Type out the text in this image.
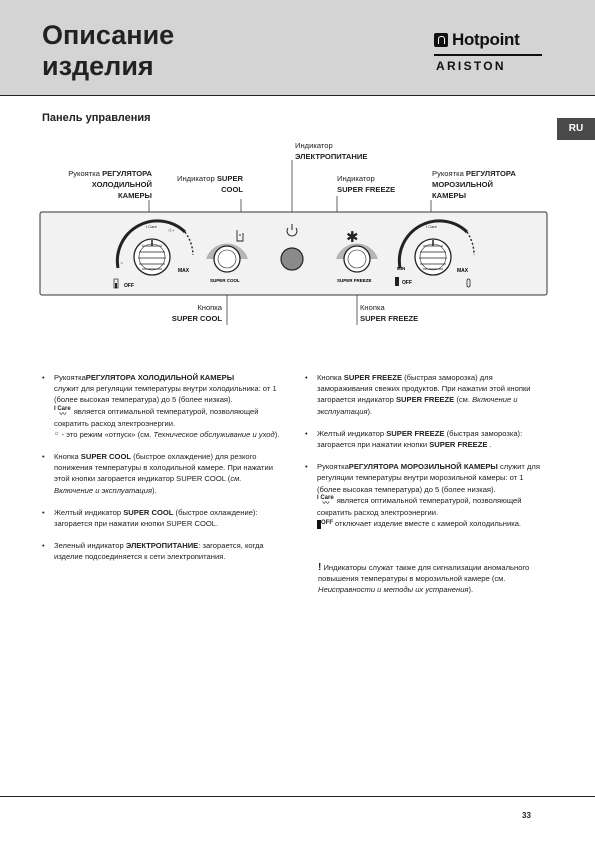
Описание
изделия
Hotpoint
ARISTON
RU
Панель управления
Рукоятка РЕГУЛЯТОРА
ХОЛОДИЛЬНОЙ
КАМЕРЫ
Индикатор SUPER
COOL
Индикатор
ЭЛЕКТРОПИТАНИЕ
Индикатор
SUPER FREEZE
Рукоятка РЕГУЛЯТОРА
МОРОЗИЛЬНОЙ
КАМЕРЫ
Кнопка
SUPER COOL
Кнопка
SUPER FREEZE
MAX
OFF
I Care
Ⓢ+
☼
SUPER COOL	SUPER FREEZE
✱
MAX
MIN
OFF
I Care
• РукояткаРЕГУЛЯТОРА ХОЛОДИЛЬНОЙ КАМЕРЫ
служит для регуляции температуры внутри холодильника: от 1 (более высокая температура) до 5 (более низкая).

I Care
〰	является оптимальной температурой, позволяющей сократить расход электроэнергии.

☼ - это режим «отпуск» (см. Техническое обслуживание и уход).

• Кнопка SUPER COOL (быстрое охлаждение) для резкого понижения температуры в холодильной камере. При нажатии этой кнопки загорается индикатор SUPER COOL (см. Включение и эксплуатация).

• Желтый индикатор SUPER COOL (быстрое охлаждение): загорается при нажатии кнопки SUPER COOL.

• Зеленый индикатор ЭЛЕКТРОПИТАНИЕ: загорается, когда изделие подсоединяется к сети электропитания.

• Кнопка SUPER FREEZE (быстрая заморозка) для замораживания свежих продуктов. При нажатии этой кнопки загорается индикатор SUPER FREEZE (см. Включение и эксплуатация).

• Желтый индикатор SUPER FREEZE (быстрая заморозка): загорается при нажатии кнопки SUPER FREEZE .

• РукояткаРЕГУЛЯТОРА МОРОЗИЛЬНОЙ КАМЕРЫ служит для регуляции температуры внутри морозильной камеры: от 1 (более высокая температура) до 5 (более низкая).

I Care
〰	является оптимальной температурой, позволяющей сократить расход электроэнергии.

$^{OFF}$ отключает изделие вместе с камерой холодильника.

! Индикаторы служат также для сигнализации аномального повышения температуры в морозильной камере (см. Неисправности и методы их устранения).
33
